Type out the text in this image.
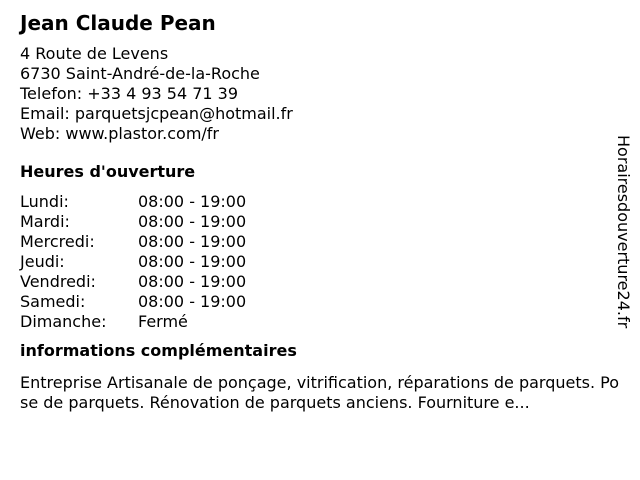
Jean Claude Pean
4 Route de Levens
6730 Saint-André-de-la-Roche
Telefon: +33 4 93 54 71 39
Email: parquetsjcpean@hotmail.fr
Web: www.plastor.com/fr
Heures d'ouverture
Lundi:	08:00 - 19:00
Mardi:	08:00 - 19:00
Mercredi:	08:00 - 19:00
Jeudi:	08:00 - 19:00
Vendredi:	08:00 - 19:00
Samedi:	08:00 - 19:00
Dimanche: Fermé
informations complémentaires
Entreprise Artisanale de ponçage, vitrification, réparations de parquets. Pose de parquets. Rénovation de parquets anciens. Fourniture e...
Horairesdouverture24.fr
